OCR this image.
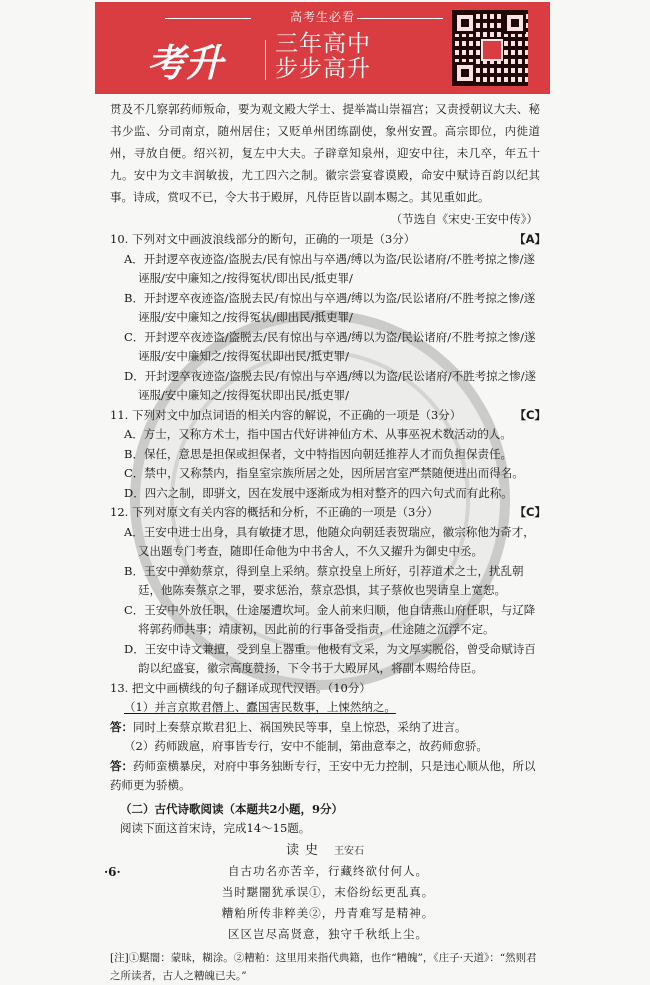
高考生必看
考升 三年高中
步步高升
贯及不几察郭药师叛命，要为观文殿大学士、提举嵩山崇福宫；又责授朝议大夫、秘书少监、分司南京，随州居住；又贬单州团练副使，象州安置。高宗即位，内徙道州，寻放自便。绍兴初，复左中大夫。子辟章知泉州，迎安中往，未几卒，年五十九。安中为文丰润敏拔，尤工四六之制。徽宗尝宴睿谟殿，命安中赋诗百韵以纪其事。诗成，赏叹不已，令大书于殿屏，凡侍臣皆以副本赐之。其见重如此。
（节选自《宋史·王安中传》）
10. 下列对文中画波浪线部分的断句，正确的一项是（3分）	【A】
A．开封逻卒夜迹盗/盗脱去/民有惊出与卒遇/缚以为盗/民讼诸府/不胜考掠之惨/遂诬服/安中廉知之/按得冤状/即出民/抵吏罪/
B．开封逻卒夜迹盗/盗脱去民/有惊出与卒遇/缚以为盗/民讼诸府/不胜考掠之惨/遂诬服/安中廉知之/按得冤状/即出民/抵吏罪/
C．开封逻卒夜迹盗/盗脱去/民有惊出与卒遇/缚以为盗/民讼诸府/不胜考掠之惨/遂诬服/安中廉知之/按得冤状即出民/抵吏罪/
D．开封逻卒夜迹盗/盗脱去民/有惊出与卒遇/缚以为盗/民讼诸府/不胜考掠之惨/遂诬服/安中廉知之/按得冤状即出民/抵吏罪/
11. 下列对文中加点词语的相关内容的解说，不正确的一项是（3分）	【C】
A．方士，又称方术士，指中国古代好讲神仙方术、从事巫祝术数活动的人。
B．保任，意思是担保或担保者，文中特指因向朝廷推荐人才而负担保责任。
C．禁中，又称禁内，指皇室宗族所居之处，因所居宫室严禁随便进出而得名。
D．四六之制，即骈文，因在发展中逐渐成为相对整齐的四六句式而有此称。
12. 下列对原文有关内容的概括和分析，不正确的一项是（3分）	【C】
A．王安中进士出身，具有敏捷才思，他随众向朝廷表贺瑞应，徽宗称他为奇才，又出题专门考查，随即任命他为中书舍人，不久又擢升为御史中丞。
B．王安中弹劾蔡京，得到皇上采纳。蔡京投皇上所好，引荐道术之士，扰乱朝廷，他陈奏蔡京之罪，要求惩治，蔡京恐惧，其子蔡攸也哭请皇上宽恕。
C．王安中外放任职，仕途屡遭坎坷。金人前来归顺，他自请燕山府任职，与辽降将郭药师共事；靖康初，因此前的行事备受指责，仕途随之沉浮不定。
D．王安中诗文兼擅，受到皇上器重。他极有文采，为文厚实脱俗，曾受命赋诗百韵以纪盛宴，徽宗高度赞扬，下令书于大殿屏风，将副本赐给侍臣。
13. 把文中画横线的句子翻译成现代汉语。（10分）
（1）并言京欺君僭上、蠹国害民数事，上悚然纳之。
答：同时上奏蔡京欺君犯上、祸国殃民等事，皇上惊恐，采纳了进言。
（2）药师跋扈，府事皆专行，安中不能制，第曲意奉之，故药师愈骄。
答：药师蛮横暴戾，对府中事务独断专行，王安中无力控制，只是违心顺从他，所以药师更为骄横。
（二）古代诗歌阅读（本题共2小题，9分）
阅读下面这首宋诗，完成14～15题。
读史 王安石
自古功名亦苦辛，行藏终欲付何人。
当时黮闇犹承误①，末俗纷纭更乱真。
糟粕所传非粹美②，丹青难写是精神。
区区岂尽高贤意，独守千秋纸上尘。
[注]①黮闇：蒙昧，糊涂。②糟粕：这里用来指代典籍，也作“糟魄”，《庄子·天道》：“然则君之所读者，古人之糟魄已夫。”
·6·
